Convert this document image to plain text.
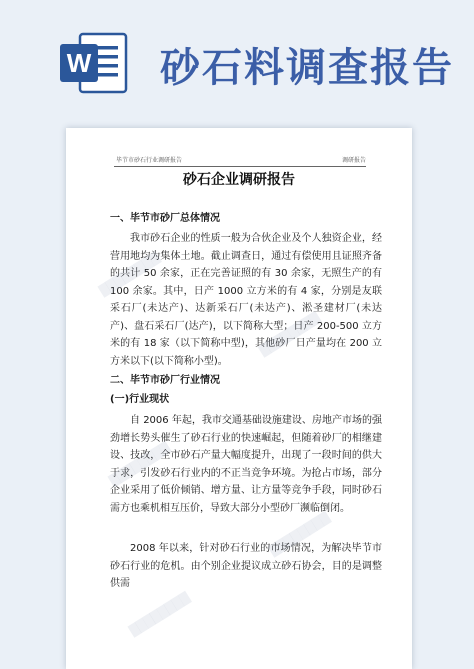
W 砂石料调查报告
毕节市砂石行业调研报告	调研报告
砂石企业调研报告
一、毕节市砂厂总体情况
我市砂石企业的性质一般为合伙企业及个人独资企业，经营用地均为集体土地。截止调查日，通过有偿使用且证照齐备的共计 50 余家，正在完善证照的有 30 余家，无照生产的有 100 余家。其中，日产 1000 立方米的有 4 家，分别是友联采石厂(未达产)、达新采石厂(未达产)、淞圣建材厂(未达产)、盘石采石厂(达产)，以下简称大型；日产 200-500 立方米的有 18 家（以下简称中型)，其他砂厂日产量均在 200 立方米以下(以下简称小型)。
二、毕节市砂厂行业情况
(一)行业现状
自 2006 年起，我市交通基础设施建设、房地产市场的强劲增长势头催生了砂石行业的快速崛起，但随着砂厂的相继建设、技改，全市砂石产量大幅度提升，出现了一段时间的供大于求，引发砂石行业内的不正当竞争环境。为抢占市场，部分企业采用了低价倾销、增方量、让方量等竞争手段，同时砂石需方也乘机相互压价，导致大部分小型砂厂濒临倒闭。
2008 年以来，针对砂石行业的市场情况，为解决毕节市砂石行业的危机。由个别企业提议成立砂石协会，目的是调整供需
████████
████████
████████
████████
████████
